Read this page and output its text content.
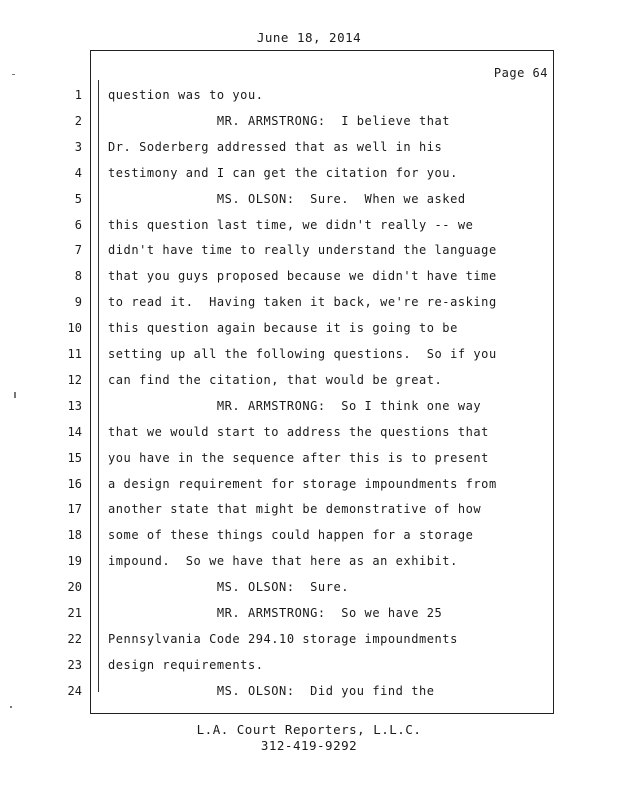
June 18, 2014
Page 64
1 question was to you.
2 MR. ARMSTRONG:  I believe that
3 Dr. Soderberg addressed that as well in his
4 testimony and I can get the citation for you.
5 MS. OLSON:  Sure.  When we asked
6 this question last time, we didn't really -- we
7 didn't have time to really understand the language
8 that you guys proposed because we didn't have time
9 to read it.  Having taken it back, we're re-asking
10 this question again because it is going to be
11 setting up all the following questions.  So if you
12 can find the citation, that would be great.
13 MR. ARMSTRONG:  So I think one way
14 that we would start to address the questions that
15 you have in the sequence after this is to present
16 a design requirement for storage impoundments from
17 another state that might be demonstrative of how
18 some of these things could happen for a storage
19 impound.  So we have that here as an exhibit.
20 MS. OLSON:  Sure.
21 MR. ARMSTRONG:  So we have 25
22 Pennsylvania Code 294.10 storage impoundments
23 design requirements.
24 MS. OLSON:  Did you find the
L.A. Court Reporters, L.L.C.
312-419-9292
